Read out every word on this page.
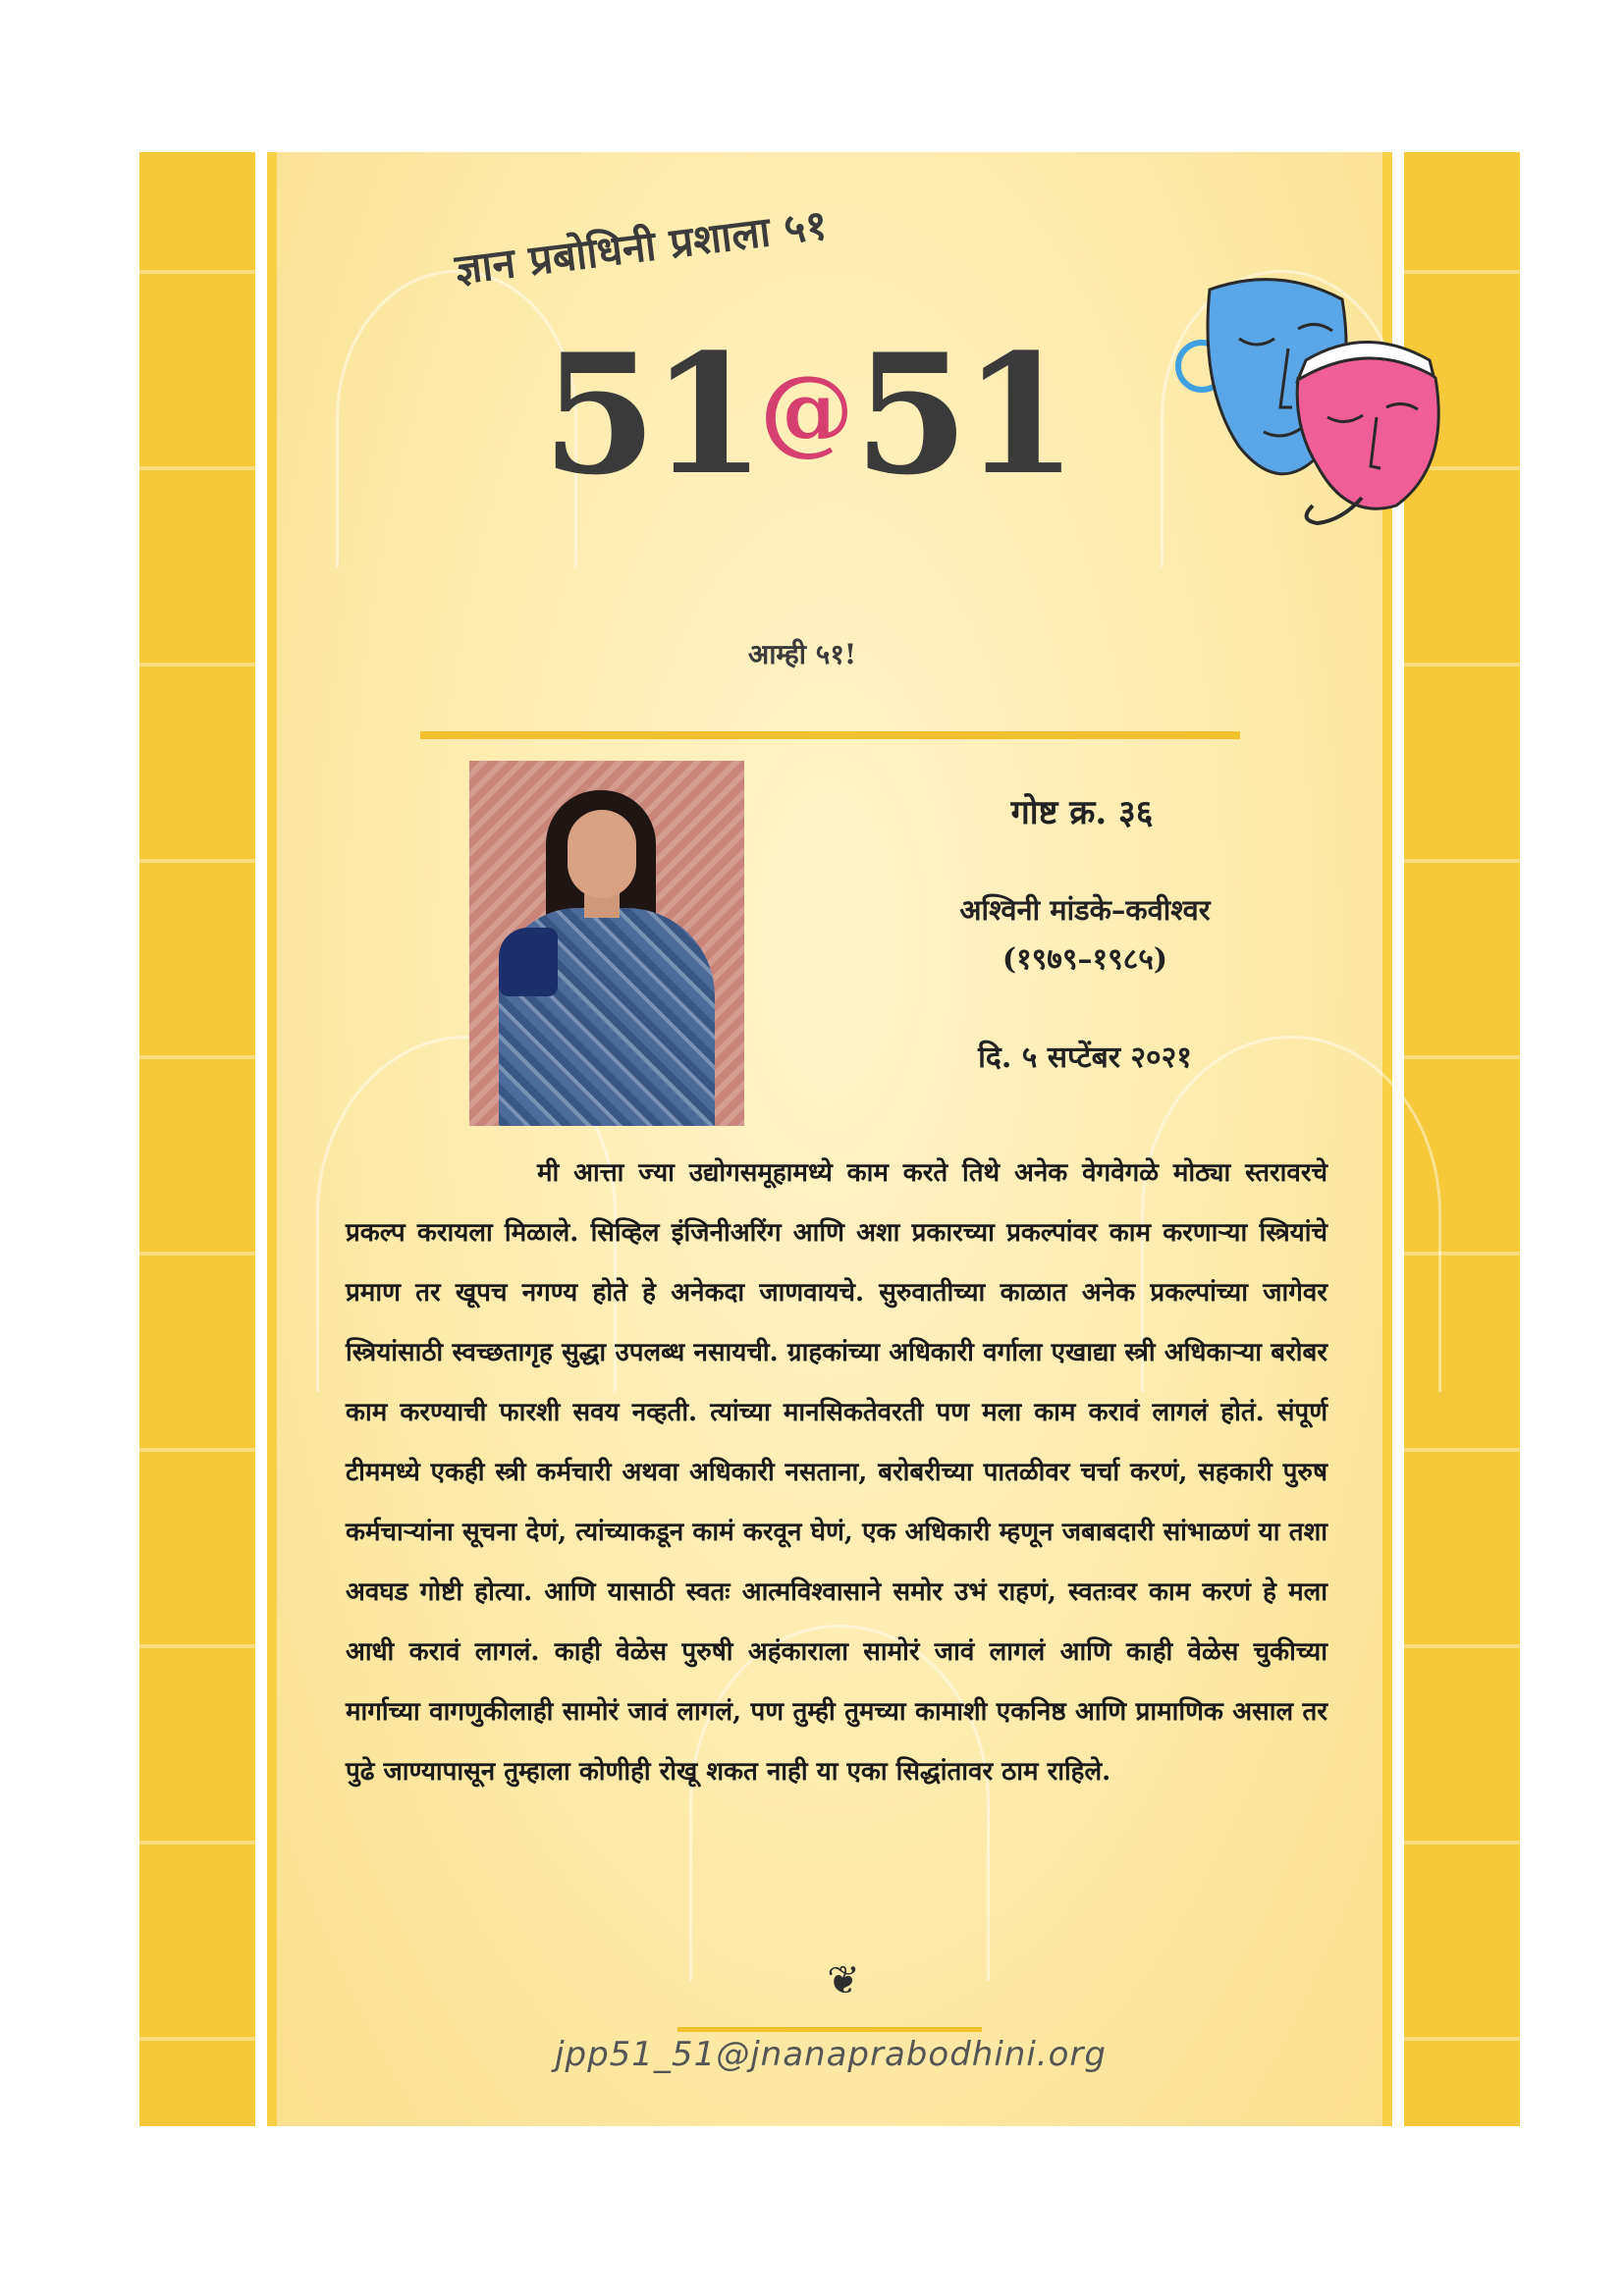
ज्ञान प्रबोधिनी प्रशाला ५१
51@51
आम्ही ५१!
गोष्ट क्र. ३६
अश्विनी मांडके–कवीश्वर
(१९७९–१९८५)
दि. ५ सप्टेंबर २०२१
मी आत्ता ज्या उद्योगसमूहामध्ये काम करते तिथे अनेक वेगवेगळे मोठ्या स्तरावरचे प्रकल्प करायला मिळाले. सिव्हिल इंजिनीअरिंग आणि अशा प्रकारच्या प्रकल्पांवर काम करणाऱ्या स्त्रियांचे प्रमाण तर खूपच नगण्य होते हे अनेकदा जाणवायचे. सुरुवातीच्या काळात अनेक प्रकल्पांच्या जागेवर स्त्रियांसाठी स्वच्छतागृह सुद्धा उपलब्ध नसायची. ग्राहकांच्या अधिकारी वर्गाला एखाद्या स्त्री अधिकाऱ्या बरोबर काम करण्याची फारशी सवय नव्हती. त्यांच्या मानसिकतेवरती पण मला काम करावं लागलं होतं. संपूर्ण टीममध्ये एकही स्त्री कर्मचारी अथवा अधिकारी नसताना, बरोबरीच्या पातळीवर चर्चा करणं, सहकारी पुरुष कर्मचाऱ्यांना सूचना देणं, त्यांच्याकडून कामं करवून घेणं, एक अधिकारी म्हणून जबाबदारी सांभाळणं या तशा अवघड गोष्टी होत्या. आणि यासाठी स्वतः आत्मविश्वासाने समोर उभं राहणं, स्वतःवर काम करणं हे मला आधी करावं लागलं. काही वेळेस पुरुषी अहंकाराला सामोरं जावं लागलं आणि काही वेळेस चुकीच्या मार्गाच्या वागणुकीलाही सामोरं जावं लागलं, पण तुम्ही तुमच्या कामाशी एकनिष्ठ आणि प्रामाणिक असाल तर पुढे जाण्यापासून तुम्हाला कोणीही रोखू शकत नाही या एका सिद्धांतावर ठाम राहिले.
❦
jpp51_51@jnanaprabodhini.org
